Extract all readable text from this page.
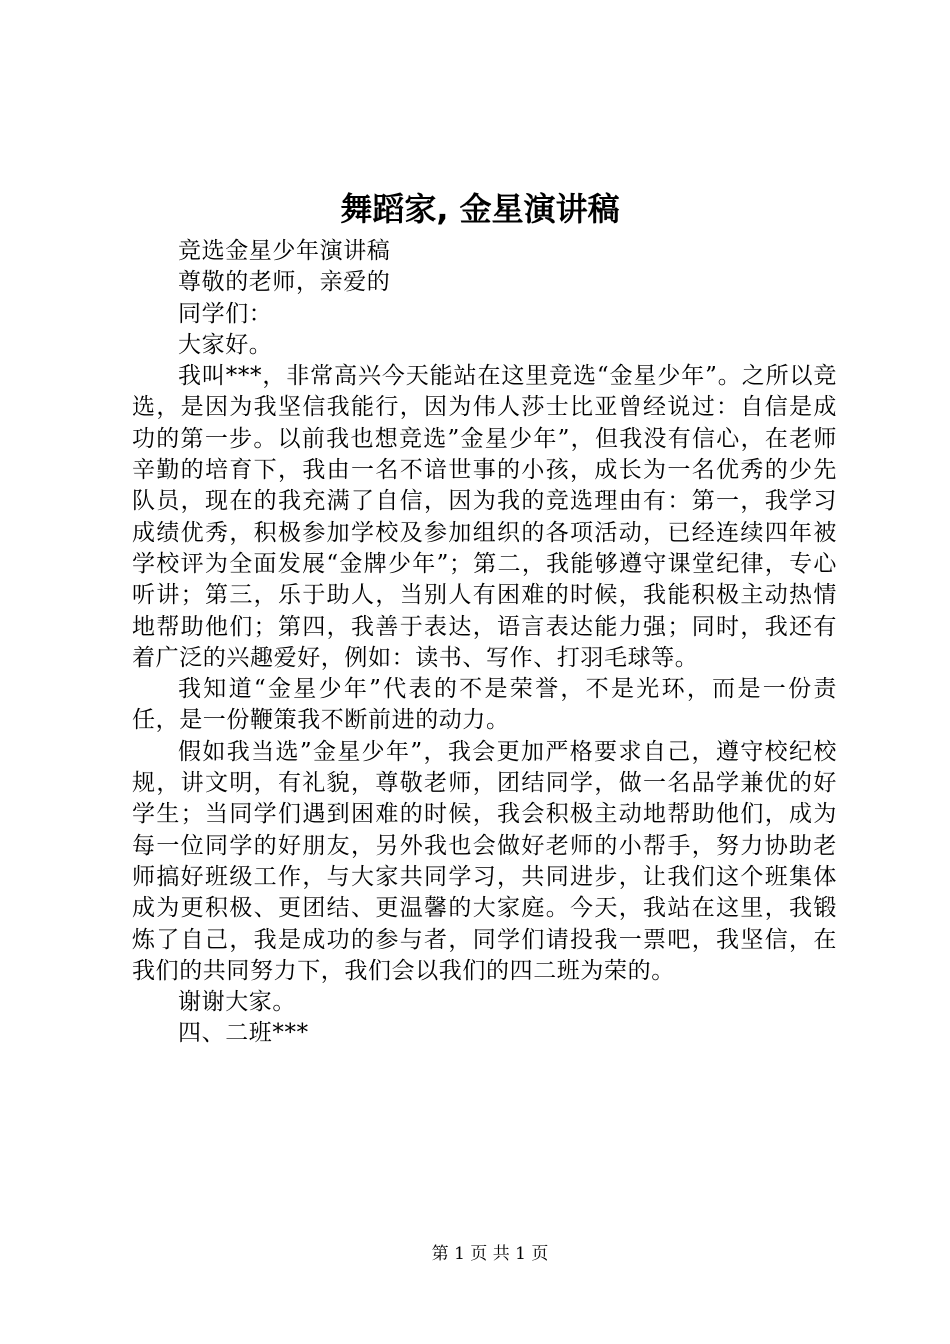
舞蹈家, 金星演讲稿

竞选金星少年演讲稿

尊敬的老师，亲爱的

同学们：

大家好。

我叫***，非常高兴今天能站在这里竞选“金星少年”。之所以竞选，是因为我坚信我能行，因为伟人莎士比亚曾经说过：自信是成功的第一步。以前我也想竞选”金星少年”，但我没有信心，在老师辛勤的培育下，我由一名不谙世事的小孩，成长为一名优秀的少先队员，现在的我充满了自信，因为我的竞选理由有：第一，我学习成绩优秀，积极参加学校及参加组织的各项活动，已经连续四年被学校评为全面发展“金牌少年”；第二，我能够遵守课堂纪律，专心听讲；第三，乐于助人，当别人有困难的时候，我能积极主动热情地帮助他们；第四，我善于表达，语言表达能力强；同时，我还有着广泛的兴趣爱好，例如：读书、写作、打羽毛球等。

我知道“金星少年”代表的不是荣誉，不是光环，而是一份责任，是一份鞭策我不断前进的动力。

假如我当选”金星少年”，我会更加严格要求自己，遵守校纪校规，讲文明，有礼貌，尊敬老师，团结同学，做一名品学兼优的好学生；当同学们遇到困难的时候，我会积极主动地帮助他们，成为每一位同学的好朋友，另外我也会做好老师的小帮手，努力协助老师搞好班级工作，与大家共同学习，共同进步，让我们这个班集体成为更积极、更团结、更温馨的大家庭。今天，我站在这里，我锻炼了自己，我是成功的参与者，同学们请投我一票吧，我坚信，在我们的共同努力下，我们会以我们的四二班为荣的。

谢谢大家。

四、二班***

第 1 页 共 1 页
